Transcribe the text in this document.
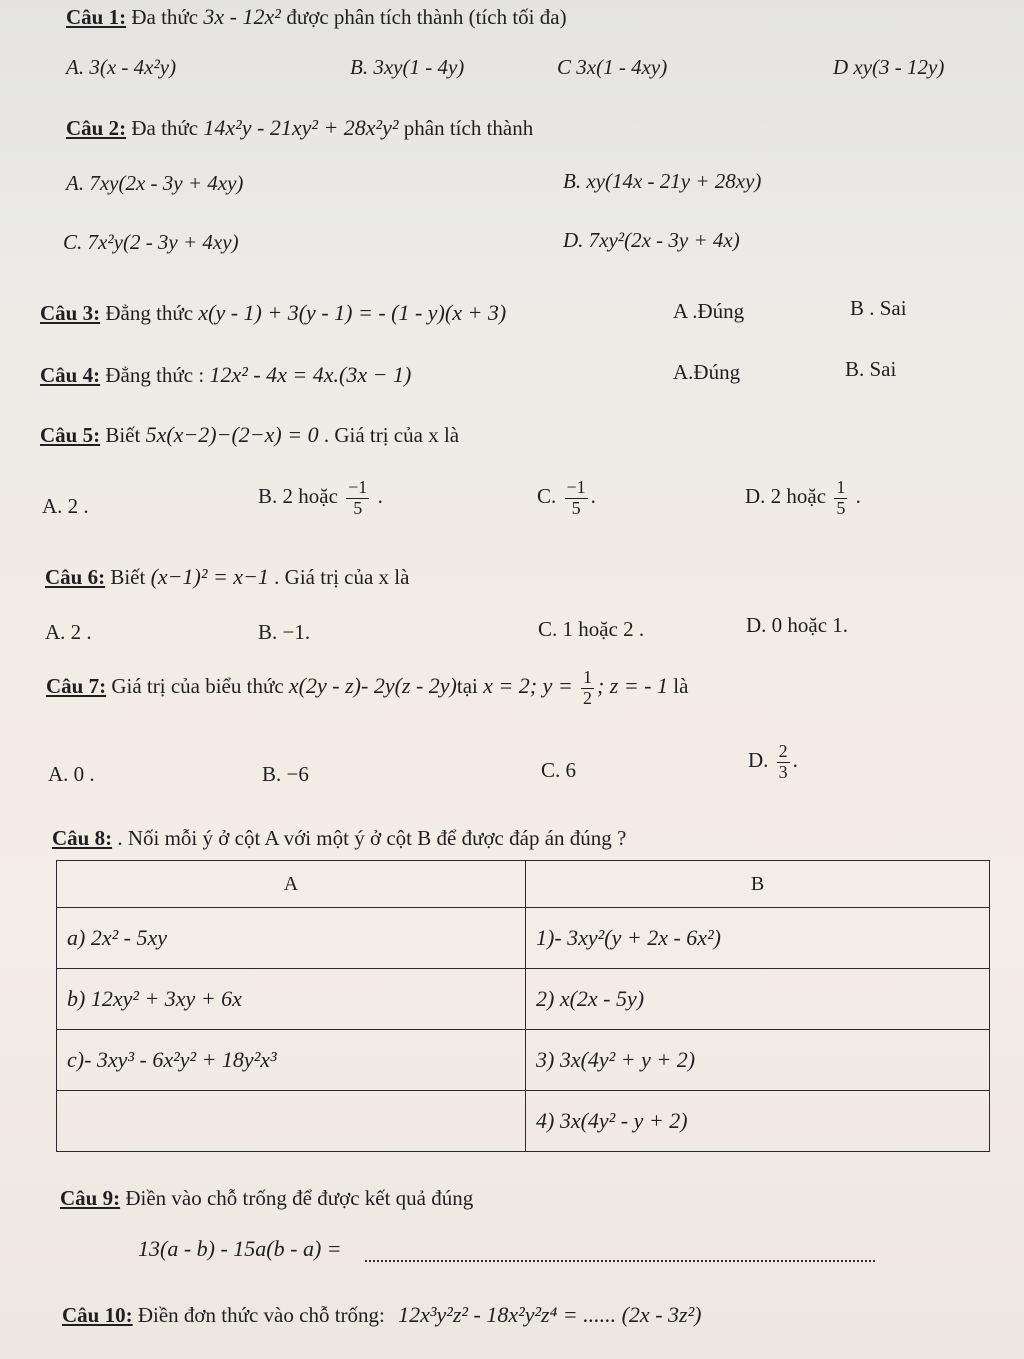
Câu 1: Đa thức 3x - 12x² được phân tích thành (tích tối đa)
A. 3(x - 4x²y)	B. 3xy(1 - 4y)	C 3x(1 - 4xy)	D xy(3 - 12y)
Câu 2: Đa thức 14x²y - 21xy² + 28x²y² phân tích thành
A. 7xy(2x - 3y + 4xy)	B. xy(14x - 21y + 28xy)
C. 7x²y(2 - 3y + 4xy)	D. 7xy²(2x - 3y + 4x)
Câu 3: Đẳng thức x(y - 1) + 3(y - 1) = - (1 - y)(x + 3)	A .Đúng	B . Sai
Câu 4: Đẳng thức : 12x² - 4x = 4x.(3x − 1)	A.Đúng	B. Sai
Câu 5: Biết 5x(x−2)−(2−x) = 0 . Giá trị của x là
A. 2 .	B. 2 hoặc $\frac{-1}{5}$ .	C. $\frac{-1}{5}$ .	D. 2 hoặc $\frac{1}{5}$ .
Câu 6: Biết (x−1)² = x−1 . Giá trị của x là
A. 2 .	B. −1.	C. 1 hoặc 2 .	D. 0 hoặc 1.
Câu 7: Giá trị của biểu thức x(2y - z)- 2y(z - 2y)tại x = 2; $y = \frac{1}{2}$ ; z = - 1 là
A. 0 .	B. −6	C. 6	D. $\frac{2}{3}$ .
Câu 8: . Nối mỗi ý ở cột A với một ý ở cột B để được đáp án đúng ?
A	B
a) 2x² - 5xy	1)- 3xy²(y + 2x - 6x²)
b) 12xy² + 3xy + 6x	2) x(2x - 5y)
c)- 3xy³ - 6x²y² + 18y²x³	3) 3x(4y² + y + 2)
	4) 3x(4y² - y + 2)
Câu 9: Điền vào chỗ trống để được kết quả đúng
13(a - b) - 15a(b - a) =
Câu 10: Điền đơn thức vào chỗ trống: 12x³y²z² - 18x²y²z⁴ = ...... (2x - 3z²)
